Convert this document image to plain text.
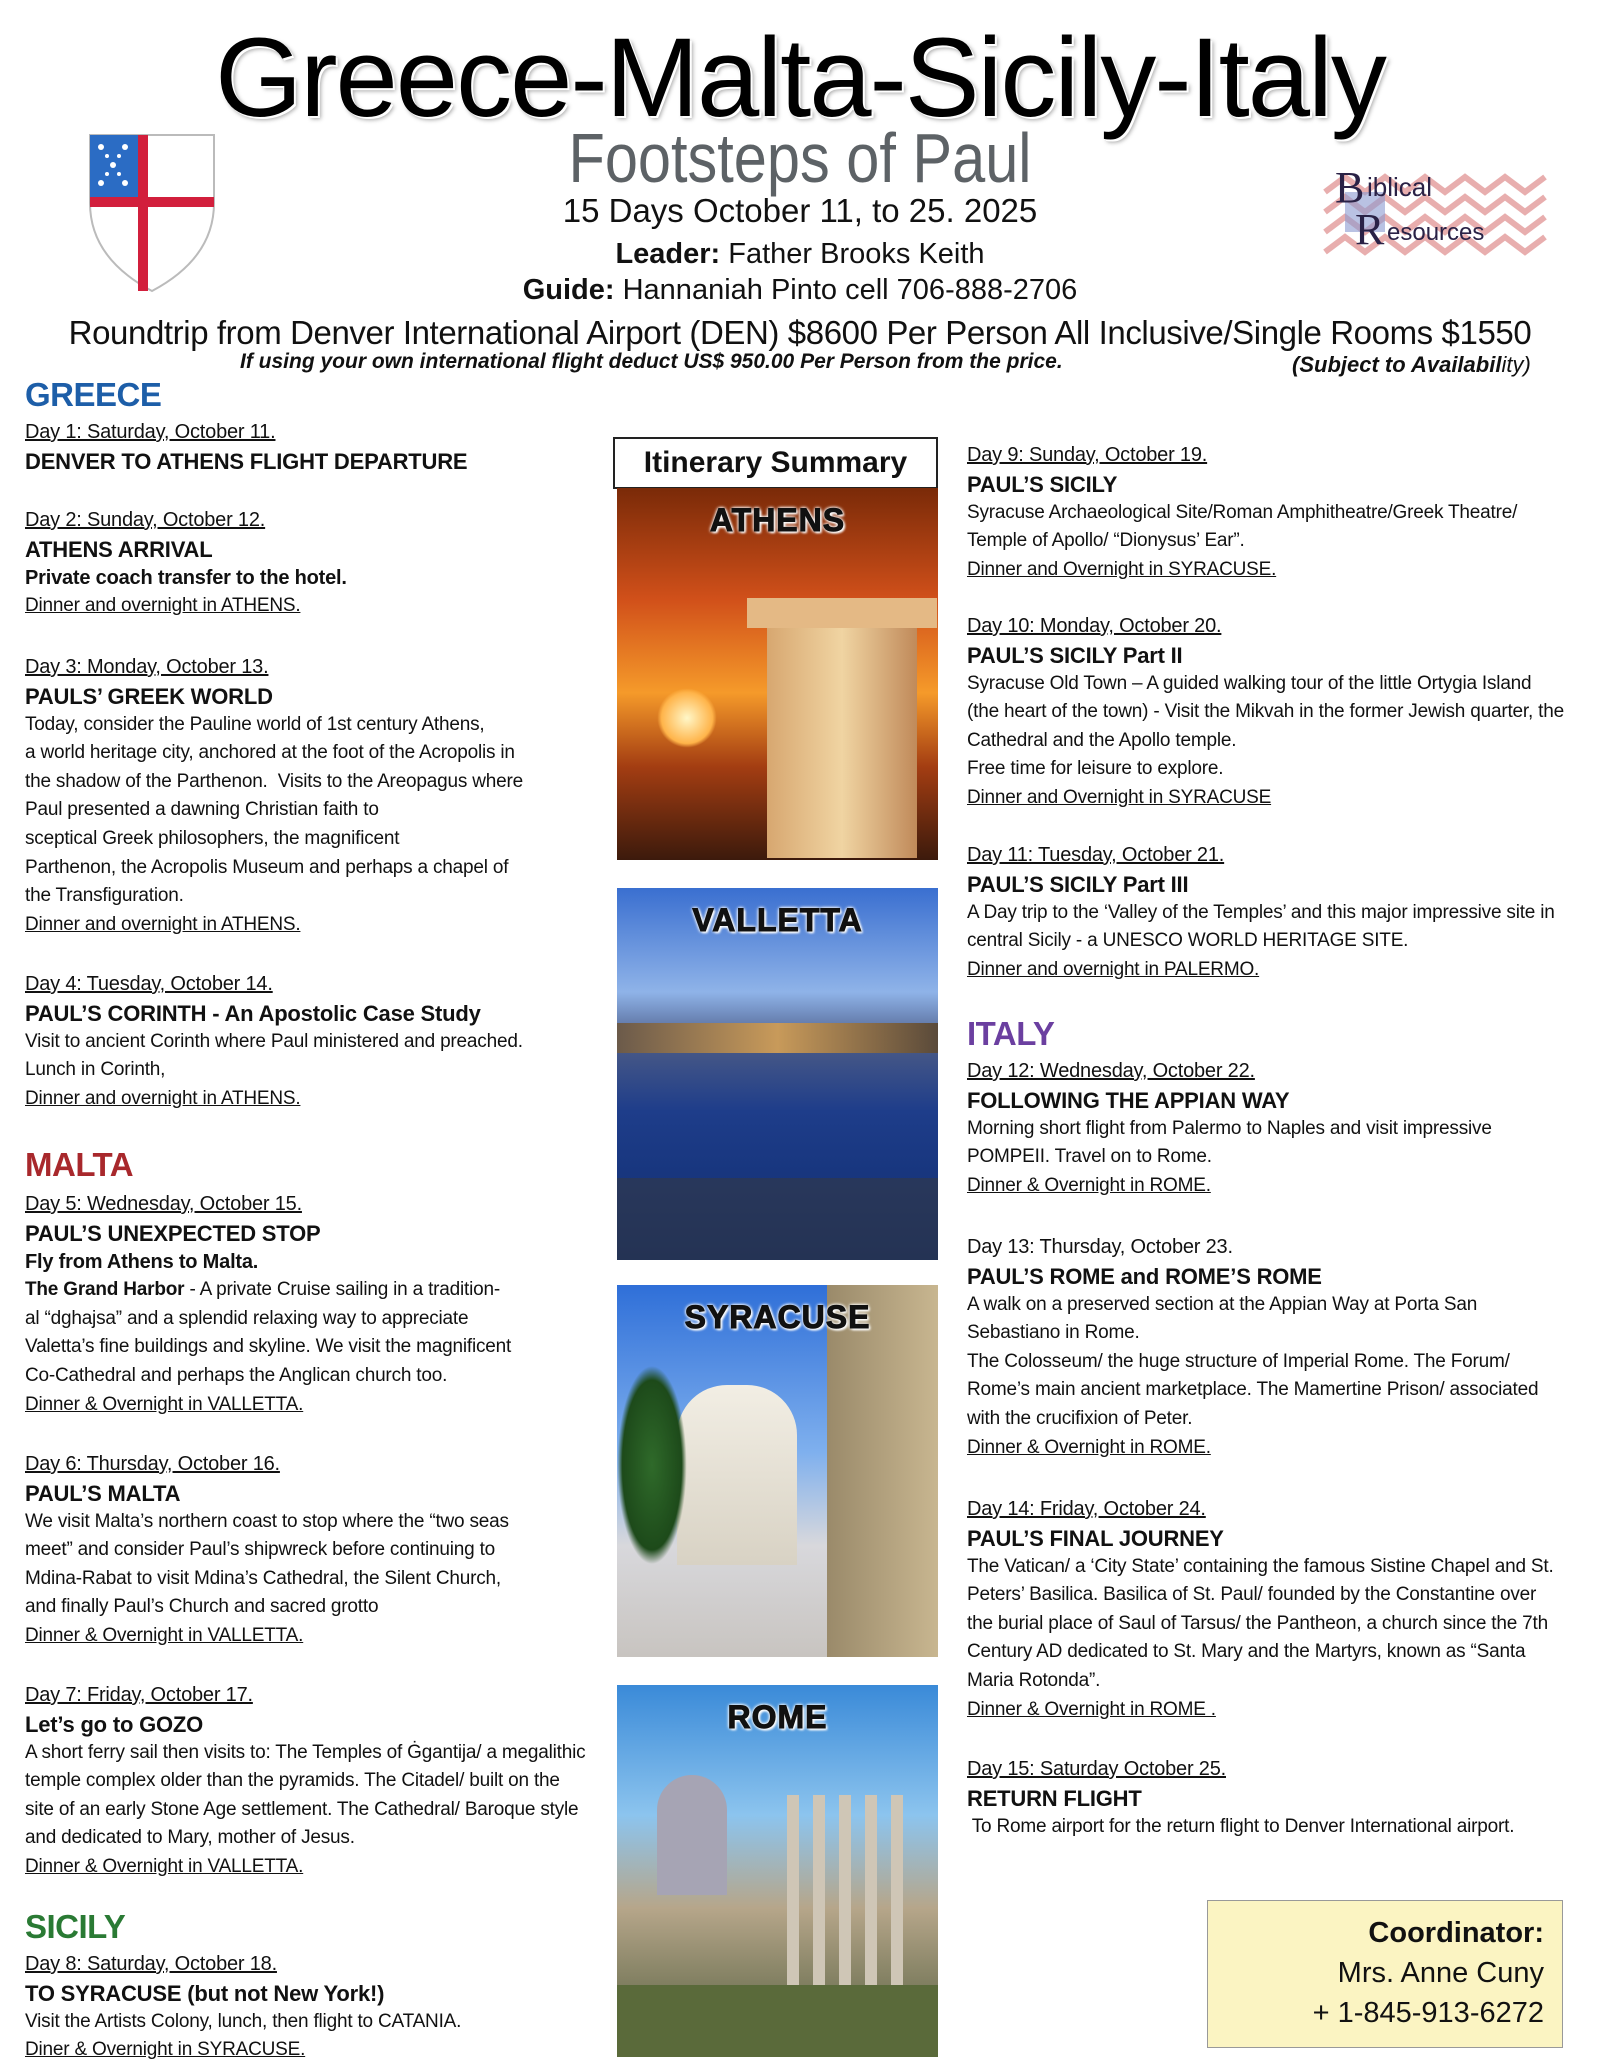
Greece-Malta-Sicily-Italy
Footsteps of Paul	B iblical
R esources
15 Days October 11, to 25. 2025
Leader: Father Brooks Keith
Guide: Hannaniah Pinto cell 706-888-2706
Roundtrip from Denver International Airport (DEN) $8600 Per Person All Inclusive/Single Rooms $1550
If using your own international flight deduct US$ 950.00 Per Person from the price.	(Subject to Availability)
GREECE
MALTA
SICILY
ITALY
Day 1: Saturday, October 11.
DENVER TO ATHENS FLIGHT DEPARTURE
Day 2: Sunday, October 12.
ATHENS ARRIVAL
Private coach transfer to the hotel.
Dinner and overnight in ATHENS.
Day 3: Monday, October 13.
PAULS’ GREEK WORLD
Today, consider the Pauline world of 1st century Athens,
a world heritage city, anchored at the foot of the Acropolis in
the shadow of the Parthenon.  Visits to the Areopagus where
Paul presented a dawning Christian faith to
sceptical Greek philosophers, the magnificent
Parthenon, the Acropolis Museum and perhaps a chapel of
the Transfiguration.
Dinner and overnight in ATHENS.
Day 4: Tuesday, October 14.
PAUL’S CORINTH - An Apostolic Case Study
Visit to ancient Corinth where Paul ministered and preached.
Lunch in Corinth,
Dinner and overnight in ATHENS.
Day 5: Wednesday, October 15.
PAUL’S UNEXPECTED STOP
Fly from Athens to Malta.
The Grand Harbor - A private Cruise sailing in a tradition-
al “dghajsa” and a splendid relaxing way to appreciate
Valetta’s fine buildings and skyline. We visit the magnificent
Co-Cathedral and perhaps the Anglican church too.
Dinner & Overnight in VALLETTA.
Day 6: Thursday, October 16.
PAUL’S MALTA
We visit Malta’s northern coast to stop where the “two seas
meet” and consider Paul’s shipwreck before continuing to
Mdina-Rabat to visit Mdina’s Cathedral, the Silent Church,
and finally Paul’s Church and sacred grotto
Dinner & Overnight in VALLETTA.
Day 7: Friday, October 17.
Let’s go to GOZO
A short ferry sail then visits to: The Temples of Ġgantija/ a megalithic
temple complex older than the pyramids. The Citadel/ built on the
site of an early Stone Age settlement. The Cathedral/ Baroque style
and dedicated to Mary, mother of Jesus.
Dinner & Overnight in VALLETTA.
Day 8: Saturday, October 18.
TO SYRACUSE (but not New York!)
Visit the Artists Colony, lunch, then flight to CATANIA.
Diner & Overnight in SYRACUSE.
Day 9: Sunday, October 19.
PAUL’S SICILY
Syracuse Archaeological Site/Roman Amphitheatre/Greek Theatre/
Temple of Apollo/ “Dionysus’ Ear”.
Dinner and Overnight in SYRACUSE.
Day 10: Monday, October 20.
PAUL’S SICILY Part II
Syracuse Old Town – A guided walking tour of the little Ortygia Island
(the heart of the town) - Visit the Mikvah in the former Jewish quarter, the
Cathedral and the Apollo temple.
Free time for leisure to explore.
Dinner and Overnight in SYRACUSE
Day 11: Tuesday, October 21.
PAUL’S SICILY Part III
A Day trip to the ‘Valley of the Temples’ and this major impressive site in
central Sicily - a UNESCO WORLD HERITAGE SITE.
Dinner and overnight in PALERMO.
Day 12: Wednesday, October 22.
FOLLOWING THE APPIAN WAY
Morning short flight from Palermo to Naples and visit impressive
POMPEII. Travel on to Rome.
Dinner & Overnight in ROME.
Day 13: Thursday, October 23.
PAUL’S ROME and ROME’S ROME
A walk on a preserved section at the Appian Way at Porta San
Sebastiano in Rome.
The Colosseum/ the huge structure of Imperial Rome. The Forum/
Rome’s main ancient marketplace. The Mamertine Prison/ associated
with the crucifixion of Peter.
Dinner & Overnight in ROME.
Day 14: Friday, October 24.
PAUL’S FINAL JOURNEY
The Vatican/ a ‘City State’ containing the famous Sistine Chapel and St.
Peters’ Basilica. Basilica of St. Paul/ founded by the Constantine over
the burial place of Saul of Tarsus/ the Pantheon, a church since the 7th
Century AD dedicated to St. Mary and the Martyrs, known as “Santa
Maria Rotonda”.
Dinner & Overnight in ROME .
Day 15: Saturday October 25.
RETURN FLIGHT
To Rome airport for the return flight to Denver International airport.
Itinerary Summary
ATHENS
VALLETTA
SYRACUSE
ROME
Coordinator:
Mrs. Anne Cuny
+ 1-845-913-6272
